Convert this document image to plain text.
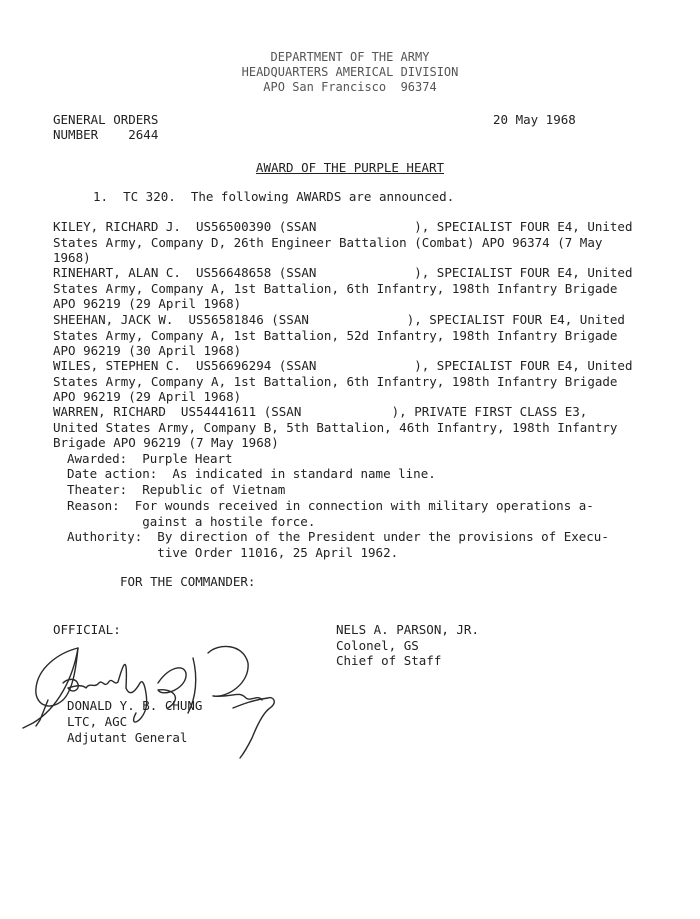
DEPARTMENT OF THE ARMY
HEADQUARTERS AMERICAL DIVISION
APO San Francisco  96374
GENERAL ORDERS
NUMBER    2644
20 May 1968
AWARD OF THE PURPLE HEART
1.  TC 320.  The following AWARDS are announced.
KILEY, RICHARD J.  US56500390 (SSAN             ), SPECIALIST FOUR E4, United
States Army, Company D, 26th Engineer Battalion (Combat) APO 96374 (7 May
1968)
RINEHART, ALAN C.  US56648658 (SSAN             ), SPECIALIST FOUR E4, United
States Army, Company A, 1st Battalion, 6th Infantry, 198th Infantry Brigade
APO 96219 (29 April 1968)
SHEEHAN, JACK W.  US56581846 (SSAN             ), SPECIALIST FOUR E4, United
States Army, Company A, 1st Battalion, 52d Infantry, 198th Infantry Brigade
APO 96219 (30 April 1968)
WILES, STEPHEN C.  US56696294 (SSAN             ), SPECIALIST FOUR E4, United
States Army, Company A, 1st Battalion, 6th Infantry, 198th Infantry Brigade
APO 96219 (29 April 1968)
WARREN, RICHARD  US54441611 (SSAN            ), PRIVATE FIRST CLASS E3,
United States Army, Company B, 5th Battalion, 46th Infantry, 198th Infantry
Brigade APO 96219 (7 May 1968)
Awarded:  Purple Heart
Date action:  As indicated in standard name line.
Theater:  Republic of Vietnam
Reason:  For wounds received in connection with military operations a-
gainst a hostile force.
Authority:  By direction of the President under the provisions of Execu-
tive Order 11016, 25 April 1962.
FOR THE COMMANDER:
OFFICIAL:	NELS A. PARSON, JR.
Colonel, GS
Chief of Staff
DONALD Y. B. CHUNG
LTC, AGC
Adjutant General
